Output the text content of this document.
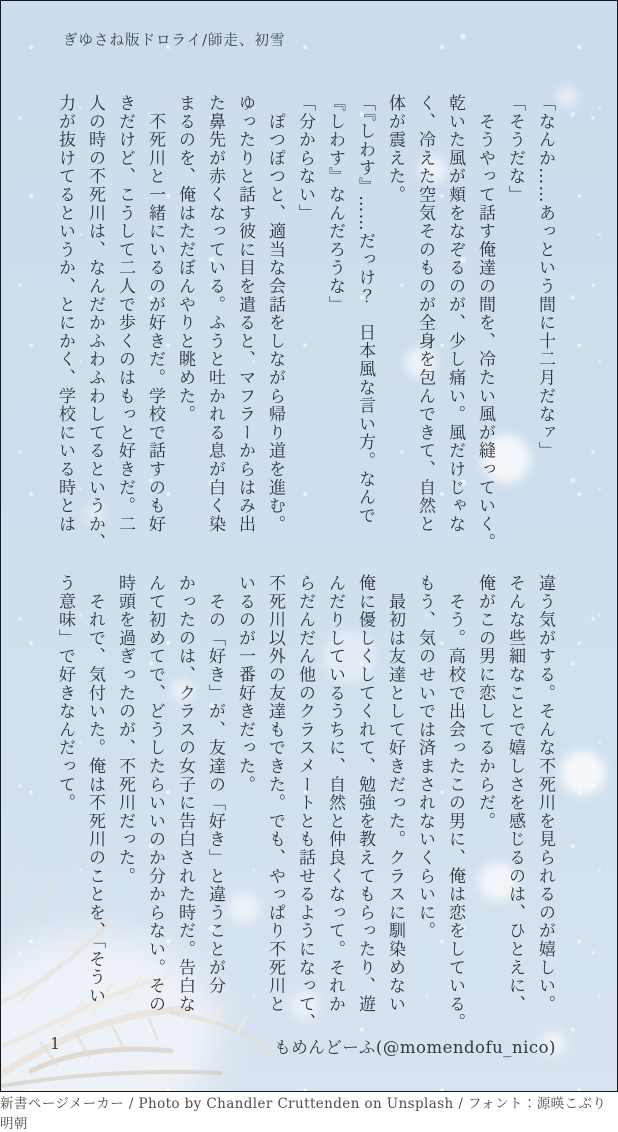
ぎゆさね版ドロライ/師走、初雪
「なんか……あっという間に十二月だなァ」
「そうだな」
　そうやって話す俺達の間を、冷たい風が縫っていく。
乾いた風が頬をなぞるのが、少し痛い。風だけじゃな
く、冷えた空気そのものが全身を包んできて、自然と
体が震えた。
「『しわす』……だっけ？　日本風な言い方。なんで
『しわす』なんだろうな」
「分からない」
　ぽつぽつと、適当な会話をしながら帰り道を進む。
ゆったりと話す彼に目を遣ると、マフラーからはみ出
た鼻先が赤くなっている。ふうと吐かれる息が白く染
まるのを、俺はただぼんやりと眺めた。
　不死川と一緒にいるのが好きだ。学校で話すのも好
きだけど、こうして二人で歩くのはもっと好きだ。二
人の時の不死川は、なんだかふわふわしてるというか、
力が抜けてるというか、とにかく、学校にいる時とは
違う気がする。そんな不死川を見られるのが嬉しい。
そんな些細なことで嬉しさを感じるのは、ひとえに、
俺がこの男に恋してるからだ。
　そう。高校で出会ったこの男に、俺は恋をしている。
もう、気のせいでは済まされないくらいに。
　最初は友達として好きだった。クラスに馴染めない
俺に優しくしてくれて、勉強を教えてもらったり、遊
んだりしているうちに、自然と仲良くなって。それか
らだんだん他のクラスメートとも話せるようになって、
不死川以外の友達もできた。でも、やっぱり不死川と
いるのが一番好きだった。
　その「好き」が、友達の「好き」と違うことが分
かったのは、クラスの女子に告白された時だ。告白な
んて初めてで、どうしたらいいのか分からない。その
時頭を過ぎったのが、不死川だった。
　それで、気付いた。俺は不死川のことを、「そうい
う意味」で好きなんだって。
1	もめんどーふ(@momendofu_nico)
新書ページメーカー / Photo by Chandler Cruttenden on Unsplash / フォント：源暎こぶり明朝
